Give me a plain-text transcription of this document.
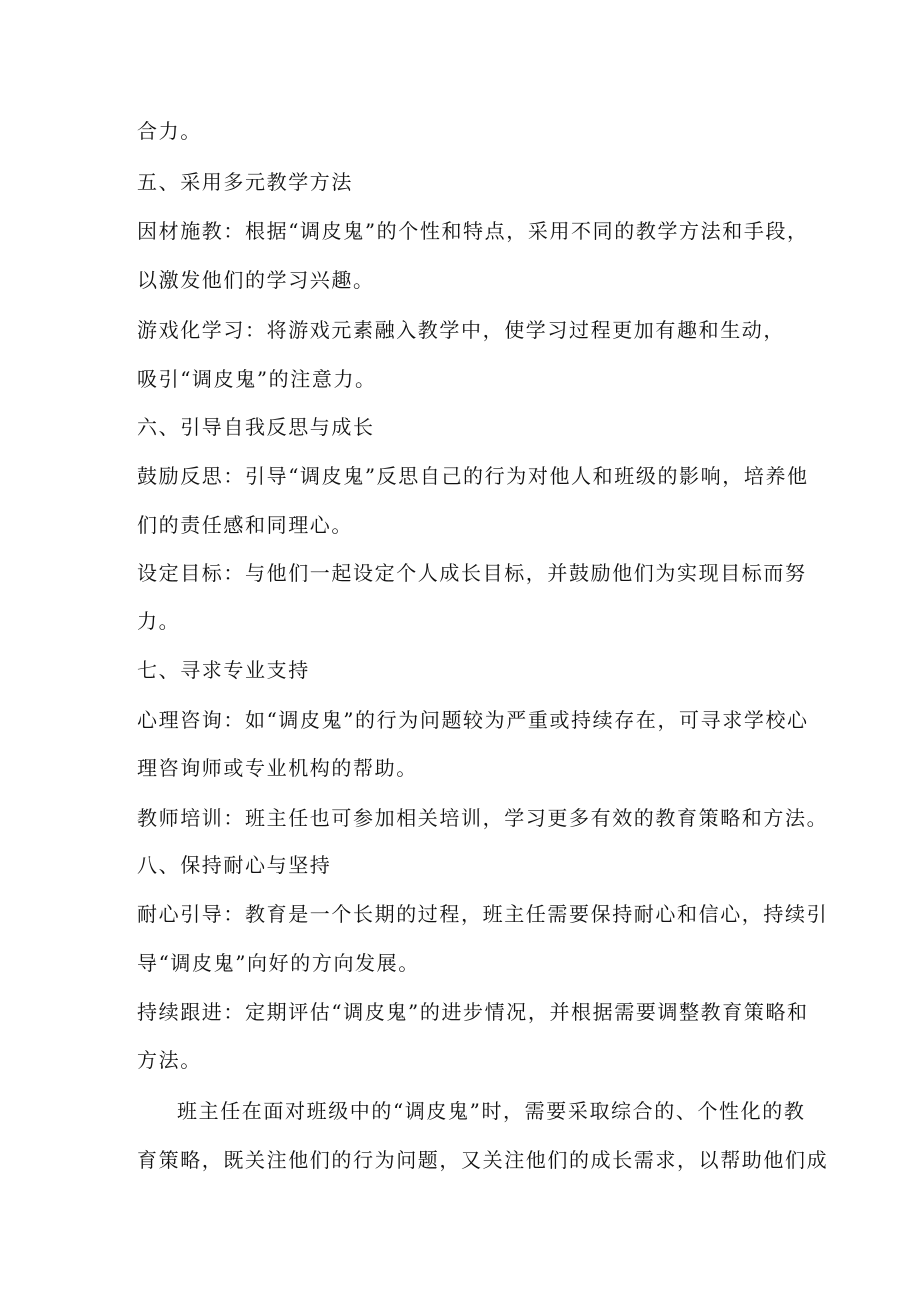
合力。
五、采用多元教学方法
因材施教：根据“调皮鬼”的个性和特点，采用不同的教学方法和手段，
以激发他们的学习兴趣。
游戏化学习：将游戏元素融入教学中，使学习过程更加有趣和生动，
吸引“调皮鬼”的注意力。
六、引导自我反思与成长
鼓励反思：引导“调皮鬼”反思自己的行为对他人和班级的影响，培养他
们的责任感和同理心。
设定目标：与他们一起设定个人成长目标，并鼓励他们为实现目标而努
力。
七、寻求专业支持
心理咨询：如“调皮鬼”的行为问题较为严重或持续存在，可寻求学校心
理咨询师或专业机构的帮助。
教师培训：班主任也可参加相关培训，学习更多有效的教育策略和方法。
八、保持耐心与坚持
耐心引导：教育是一个长期的过程，班主任需要保持耐心和信心，持续引
导“调皮鬼”向好的方向发展。
持续跟进：定期评估“调皮鬼”的进步情况，并根据需要调整教育策略和
方法。
班主任在面对班级中的“调皮鬼”时，需要采取综合的、个性化的教
育策略，既关注他们的行为问题，又关注他们的成长需求，以帮助他们成
